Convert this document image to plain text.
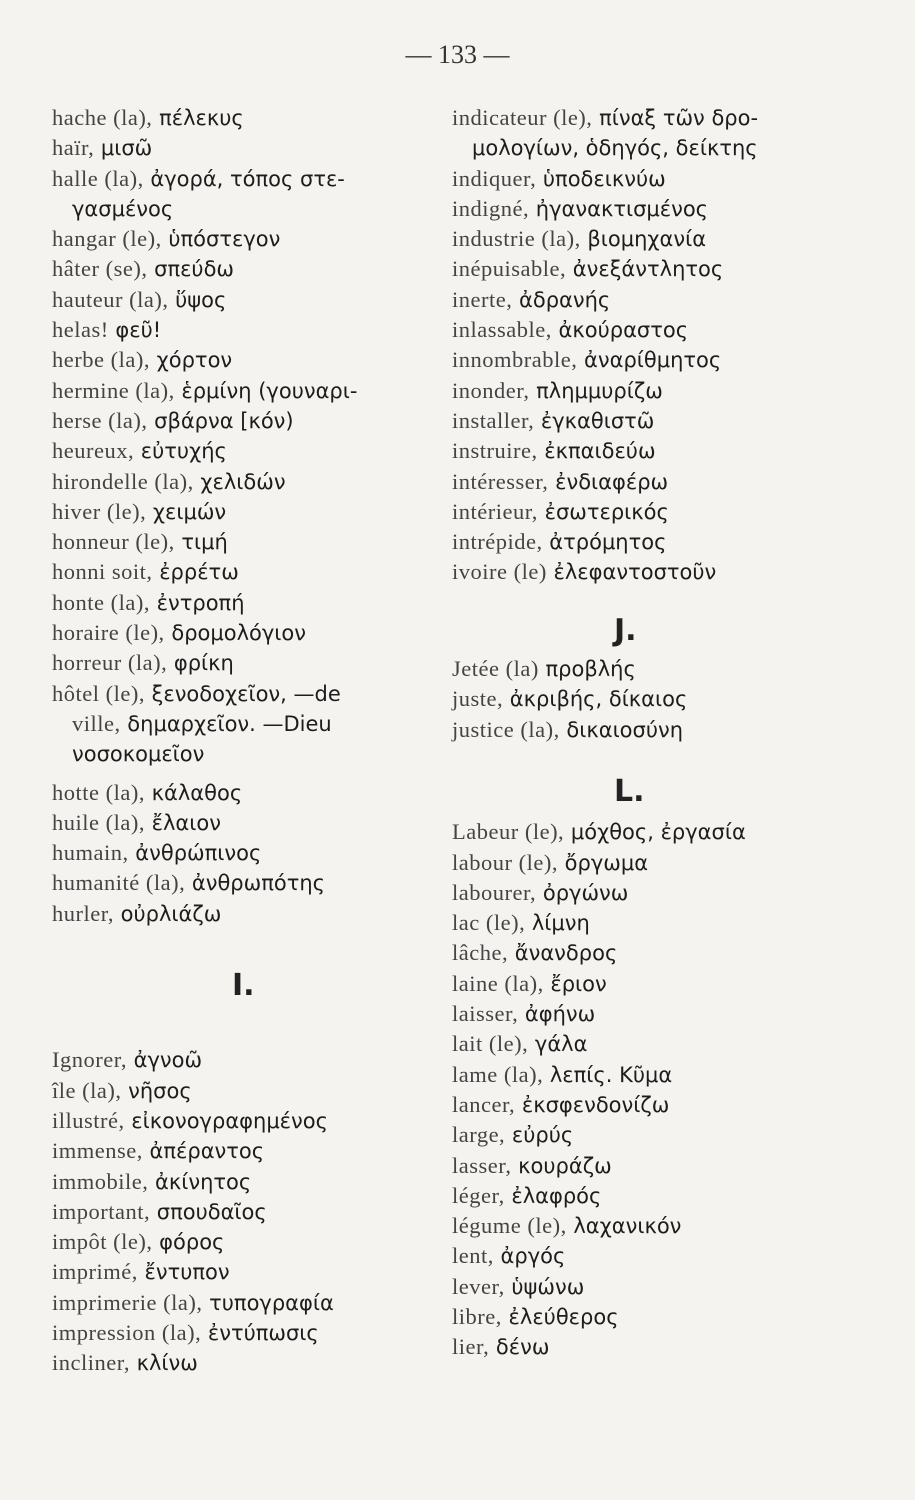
— 133 —
hache (la), πέλεκυς
haïr, μισῶ
halle (la), ἀγορά, τόπος στε-
γασμένος
hangar (le), ὑπόστεγον
hâter (se), σπεύδω
hauteur (la), ὕψος
helas! φεῦ!
herbe (la), χόρτον
hermine (la), ἑρμίνη (γουναρι-
herse (la), σβάρνα [κόν)
heureux, εὐτυχής
hirondelle (la), χελιδών
hiver (le), χειμών
honneur (le), τιμή
honni soit, ἐρρέτω
honte (la), ἐντροπή
horaire (le), δρομολόγιον
horreur (la), φρίκη
hôtel (le), ξενοδοχεῖον, —de
ville, δημαρχεῖον. —Dieu
νοσοκομεῖον
hotte (la), κάλαθος
huile (la), ἔλαιον
humain, ἀνθρώπινος
humanité (la), ἀνθρωπότης
hurler, οὐρλιάζω
I.
Ignorer, ἀγνοῶ
île (la), νῆσος
illustré, εἰκονογραφημένος
immense, ἀπέραντος
immobile, ἀκίνητος
important, σπουδαῖος
impôt (le), φόρος
imprimé, ἔντυπον
imprimerie (la), τυπογραφία
impression (la), ἐντύπωσις
incliner, κλίνω
indicateur (le), πίναξ τῶν δρο-
μολογίων, ὁδηγός, δείκτης
indiquer, ὑποδεικνύω
indigné, ἠγανακτισμένος
industrie (la), βιομηχανία
inépuisable, ἀνεξάντλητος
inerte, ἀδρανής
inlassable, ἀκούραστος
innombrable, ἀναρίθμητος
inonder, πλημμυρίζω
installer, ἐγκαθιστῶ
instruire, ἐκπαιδεύω
intéresser, ἐνδιαφέρω
intérieur, ἐσωτερικός
intrépide, ἀτρόμητος
ivoire (le) ἐλεφαντοστοῦν
J.
Jetée (la) προβλής
juste, ἀκριβής, δίκαιος
justice (la), δικαιοσύνη
L.
Labeur (le), μόχθος, ἐργασία
labour (le), ὄργωμα
labourer, ὀργώνω
lac (le), λίμνη
lâche, ἄνανδρος
laine (la), ἔριον
laisser, ἀφήνω
lait (le), γάλα
lame (la), λεπίς. Κῦμα
lancer, ἐκσφενδονίζω
large, εὐρύς
lasser, κουράζω
léger, ἐλαφρός
légume (le), λαχανικόν
lent, ἀργός
lever, ὑψώνω
libre, ἐλεύθερος
lier, δένω
